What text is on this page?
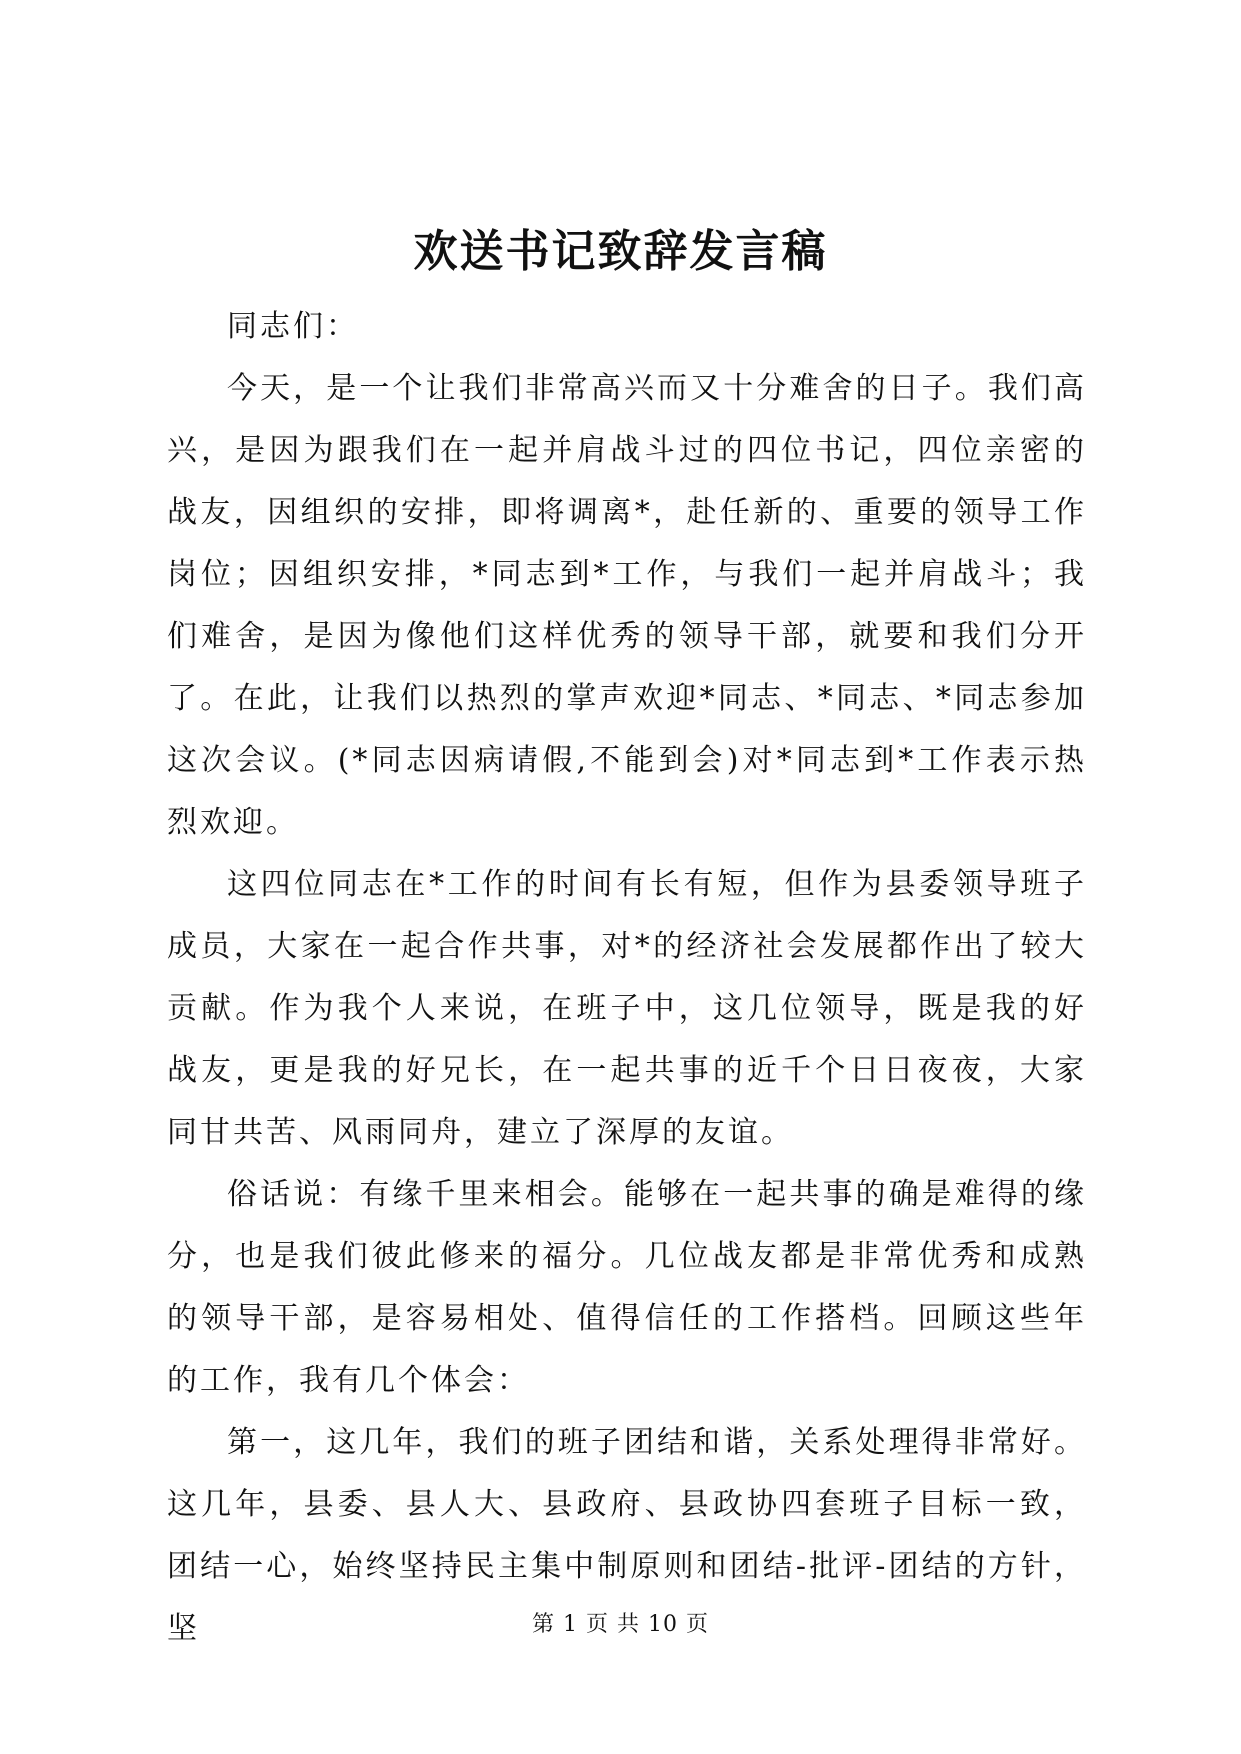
欢送书记致辞发言稿

同志们：

今天，是一个让我们非常高兴而又十分难舍的日子。我们高兴，是因为跟我们在一起并肩战斗过的四位书记，四位亲密的战友，因组织的安排，即将调离*，赴任新的、重要的领导工作岗位；因组织安排，*同志到*工作，与我们一起并肩战斗；我们难舍，是因为像他们这样优秀的领导干部，就要和我们分开了。在此，让我们以热烈的掌声欢迎*同志、*同志、*同志参加这次会议。(*同志因病请假,不能到会)对*同志到*工作表示热烈欢迎。

这四位同志在*工作的时间有长有短，但作为县委领导班子成员，大家在一起合作共事，对*的经济社会发展都作出了较大贡献。作为我个人来说，在班子中，这几位领导，既是我的好战友，更是我的好兄长，在一起共事的近千个日日夜夜，大家同甘共苦、风雨同舟，建立了深厚的友谊。

俗话说：有缘千里来相会。能够在一起共事的确是难得的缘分，也是我们彼此修来的福分。几位战友都是非常优秀和成熟的领导干部，是容易相处、值得信任的工作搭档。回顾这些年的工作，我有几个体会：

第一，这几年，我们的班子团结和谐，关系处理得非常好。这几年，县委、县人大、县政府、县政协四套班子目标一致，团结一心，始终坚持民主集中制原则和团结-批评-团结的方针，坚	第 1 页 共 10 页
